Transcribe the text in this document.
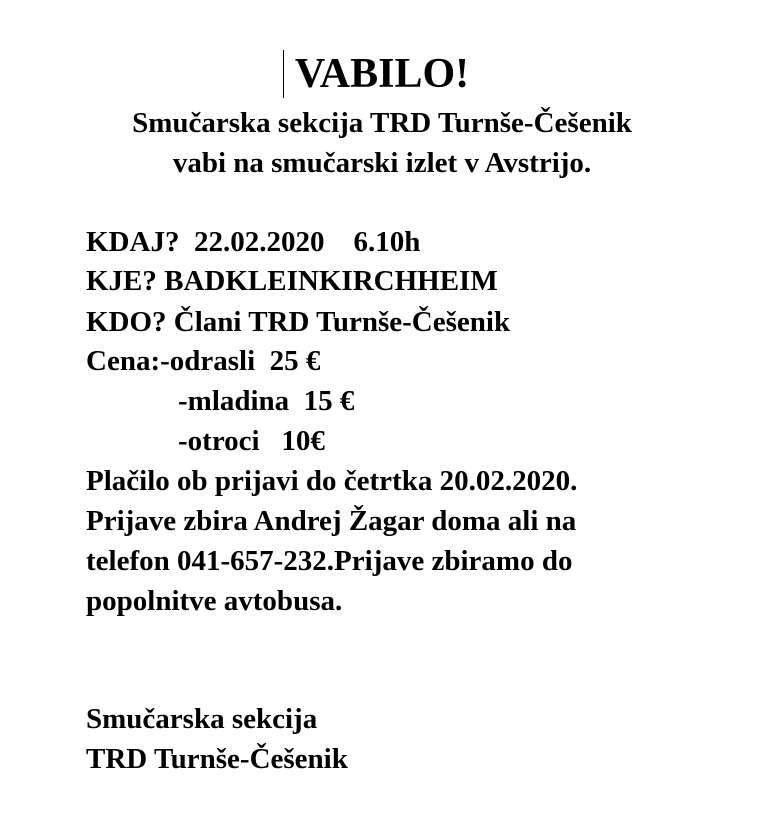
VABILO!

Smučarska sekcija TRD Turnše-Češenik

vabi na smučarski izlet v Avstrijo.

KDAJ?  22.02.2020    6.10h

KJE? BADKLEINKIRCHHEIM

KDO? Člani TRD Turnše-Češenik

Cena:-odrasli  25 €

-mladina  15 €

-otroci   10€

Plačilo ob prijavi do četrtka 20.02.2020.

Prijave zbira Andrej Žagar doma ali na

telefon 041-657-232.Prijave zbiramo do

popolnitve avtobusa.

Smučarska sekcija

TRD Turnše-Češenik
